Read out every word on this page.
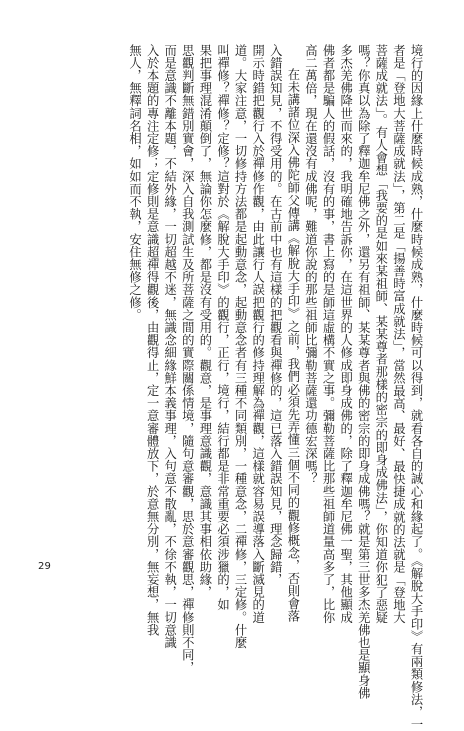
境行的因緣上什麼時候成熟，什麼時候成熟，什麼時候可以得到，就看各自的誠心和緣起了。《解脫大手印》有兩類修法，一

者是「登地大菩薩成就法」，第二是「揚善時富成就法」，當然最高、最好、最快捷成就的法就是「登地大

菩薩成就法」。有人會想「我要的是如來某祖師、某某尊者那樣的密宗的即身成佛法」，你知道你犯了惡疑

嗎？你真以為除了釋迦牟尼佛之外，還另有祖師、某某尊者與佛的密宗的即身成佛嗎？就是第三世多杰羌佛也是顯身佛

多杰羌佛降世而來的，我明確地告訴你，在這世界的人修成即身成佛的，除了釋迦牟尼佛一聖，其他顯成

佛者都是騙人的假話，沒有的事，書上寫的是師這虛構不實之事。彌勒菩薩比那些祖師道量高多了，比你

高二萬倍，現在還沒有成佛呢，難道你說的那些祖師比彌勒菩薩還功德宏深嗎？

在未講諸位深入佛陀師父傳講《解脫大手印》之前，我們必須先弄懂三個不同的觀修概念，否則會落

入錯誤知見，不得受用的。在古前中也有這樣的把觀看與禪修的，這已落入錯誤知見，理念歸錯，

開示時錯把觀行入於禪修作觀，由此讓行人誤把觀行的修持理解為禪觀，這樣就容易誤導落入斷滅見的道

道。大家注意，一切修持方法都是起動意念，起動意念者有三種不同類別，一種意念，二禪修，三定修。什麼

叫禪修？禪修？定修？這對於《解脫大手印》的觀行，正行，境行，結行都是非常重要必須涉獵的，如

果把事理混淆顛倒了，無論你怎麼修，都是沒有受用的。觀意，是事理意識觀，意識其事相依助緣，

思觀判斷無錯別實會，深入自我測試生及所菩薩之間的實際關係情境，隨句意審觀，思於意審觀思，禪修則不同，

而是意識不離本題，不結外緣，一切超越不迷，無識念細緣鮮本義事理，入句意不散亂，不徐不執，一切意識

入於本題的專注定修；定修則是意識超禪得觀後，由觀得止，定一意審體放下，於意無分別，無妄想，無我

無人，無釋詞名相，如如而不執，安住無修之修。

29
